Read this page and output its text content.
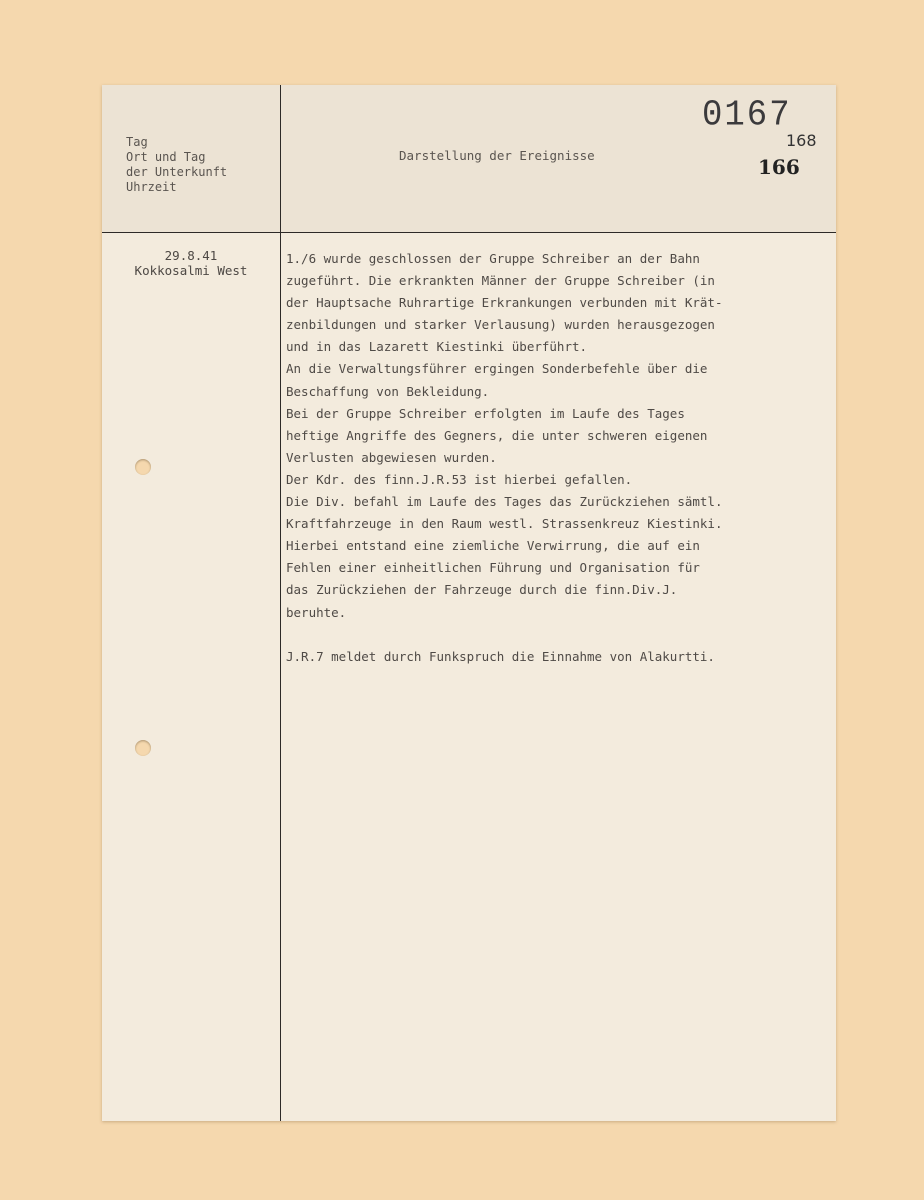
Tag
Ort und Tag
der Unterkunft
Uhrzeit
Darstellung der Ereignisse
0167
168
166
29.8.41
Kokkosalmi West
1./6 wurde geschlossen der Gruppe Schreiber an der Bahn
zugeführt. Die erkrankten Männer der Gruppe Schreiber (in
der Hauptsache Ruhrartige Erkrankungen verbunden mit Krät-
zenbildungen und starker Verlausung) wurden herausgezogen
und in das Lazarett Kiestinki überführt.
An die Verwaltungsführer ergingen Sonderbefehle über die
Beschaffung von Bekleidung.
Bei der Gruppe Schreiber erfolgten im Laufe des Tages
heftige Angriffe des Gegners, die unter schweren eigenen
Verlusten abgewiesen wurden.
Der Kdr. des finn.J.R.53 ist hierbei gefallen.
Die Div. befahl im Laufe des Tages das Zurückziehen sämtl.
Kraftfahrzeuge in den Raum westl. Strassenkreuz Kiestinki.
Hierbei entstand eine ziemliche Verwirrung, die auf ein
Fehlen einer einheitlichen Führung und Organisation für
das Zurückziehen der Fahrzeuge durch die finn.Div.J.
beruhte.
J.R.7 meldet durch Funkspruch die Einnahme von Alakurtti.
